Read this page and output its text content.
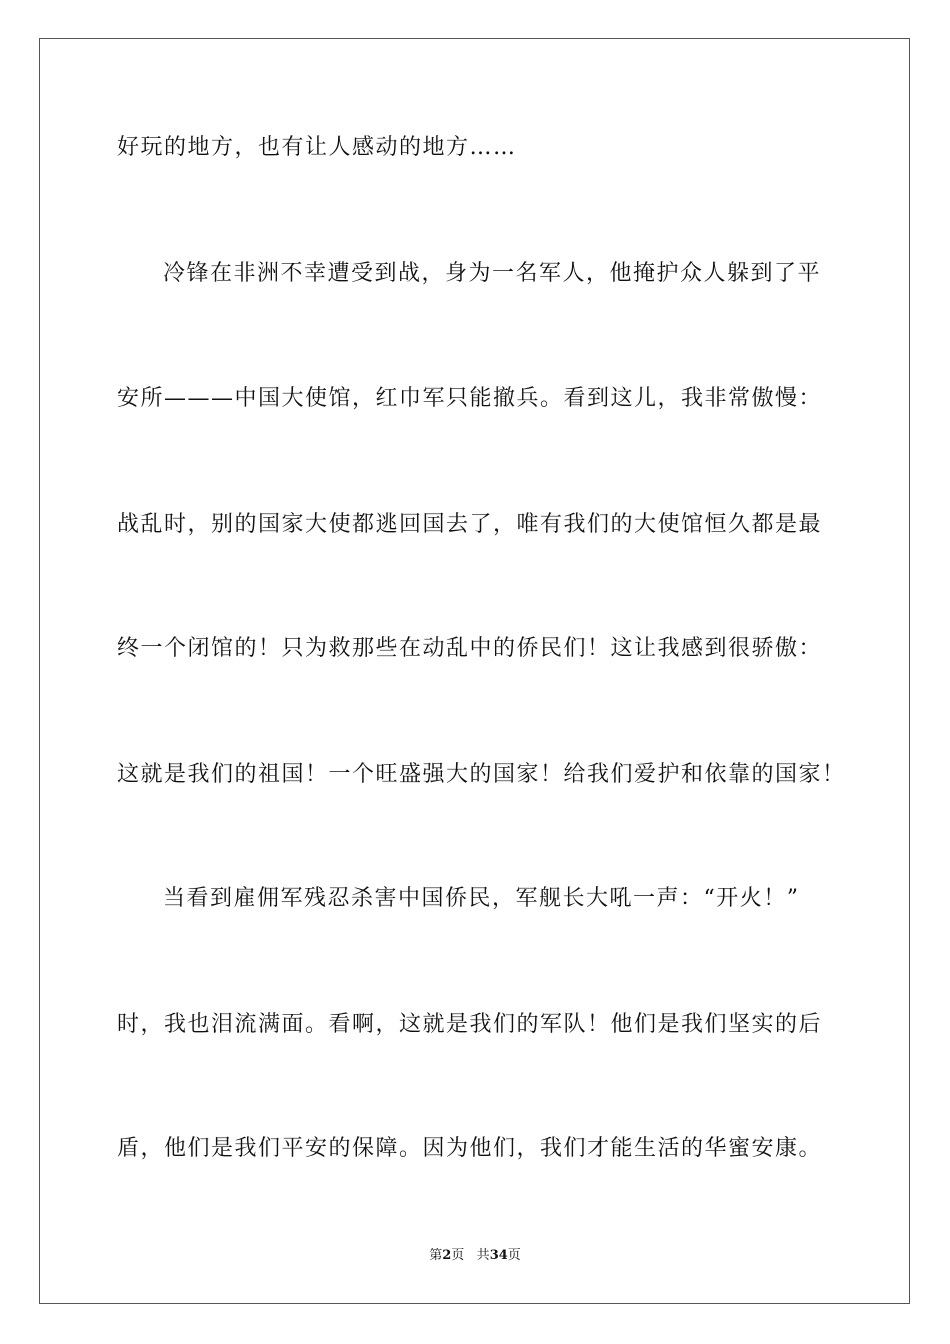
好玩的地方，也有让人感动的地方……
冷锋在非洲不幸遭受到战，身为一名军人，他掩护众人躲到了平
安所———中国大使馆，红巾军只能撤兵。看到这儿，我非常傲慢：
战乱时，别的国家大使都逃回国去了，唯有我们的大使馆恒久都是最
终一个闭馆的！只为救那些在动乱中的侨民们！这让我感到很骄傲：
这就是我们的祖国！一个旺盛强大的国家！给我们爱护和依靠的国家！
当看到雇佣军残忍杀害中国侨民，军舰长大吼一声：“开火！”
时，我也泪流满面。看啊，这就是我们的军队！他们是我们坚实的后
盾，他们是我们平安的保障。因为他们，我们才能生活的华蜜安康。
第2页 共34页
